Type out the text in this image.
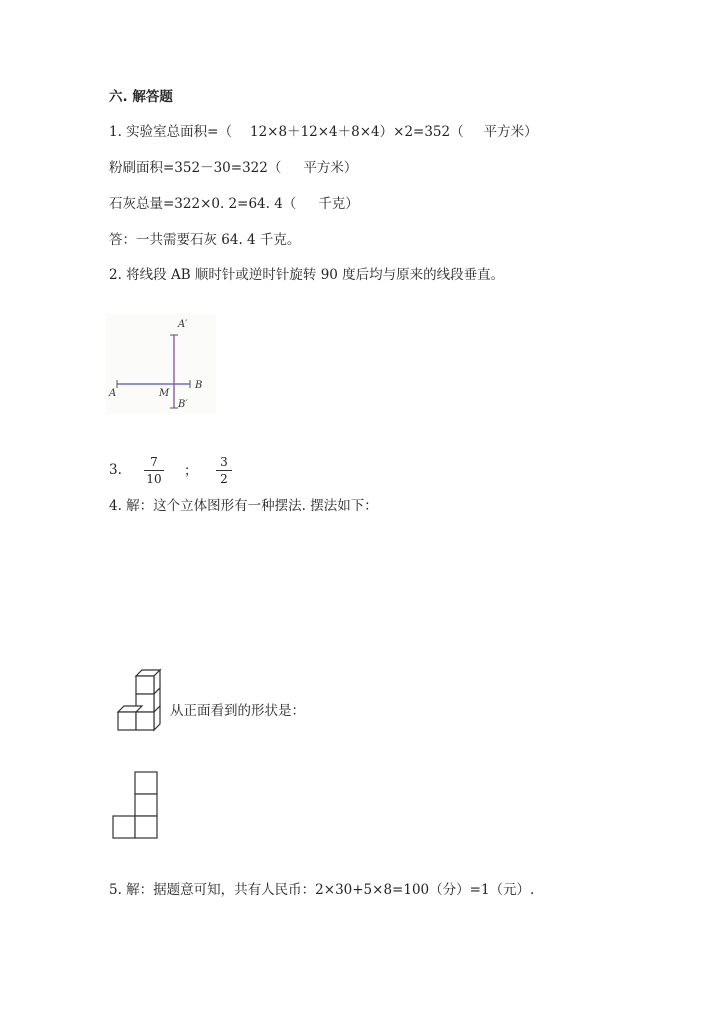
六. 解答题
1. 实验室总面积=（ 12×8＋12×4＋8×4）×2=352（ 平方米）
粉刷面积=352－30=322（ 平方米）
石灰总量=322×0. 2=64. 4（ 千克）
答：一共需要石灰 64. 4 千克。
2. 将线段 AB 顺时针或逆时针旋转 90 度后均与原来的线段垂直。
A
B
M
A′
B′
3.	7
10 ；
3
2
4. 解：这个立体图形有一种摆法. 摆法如下：
从正面看到的形状是：
5. 解：据题意可知，共有人民币：2×30+5×8=100（分）=1（元）.
